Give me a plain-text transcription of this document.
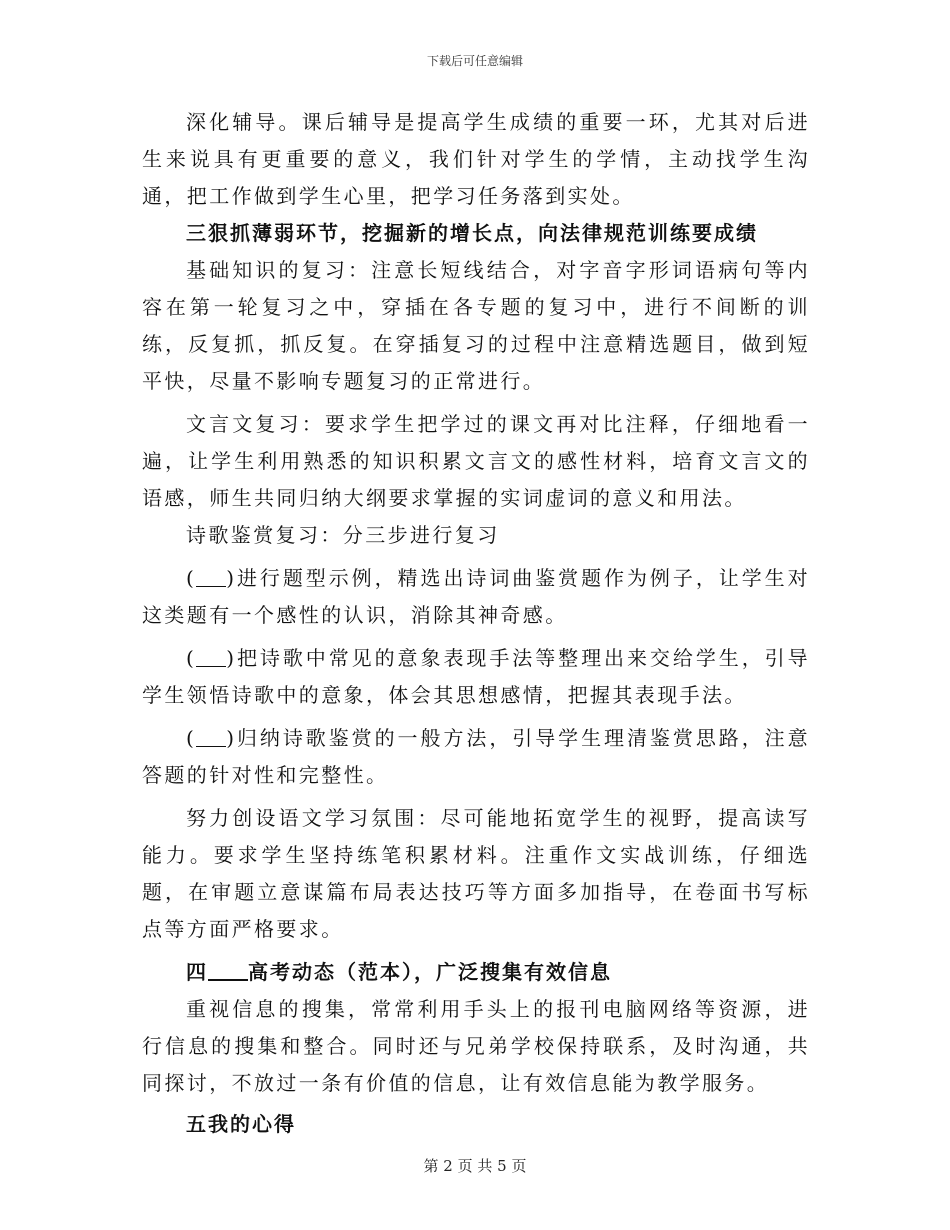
下载后可任意编辑

深化辅导。课后辅导是提高学生成绩的重要一环，尤其对后进生来说具有更重要的意义，我们针对学生的学情，主动找学生沟通，把工作做到学生心里，把学习任务落到实处。

三狠抓薄弱环节，挖掘新的增长点，向法律规范训练要成绩

基础知识的复习：注意长短线结合，对字音字形词语病句等内容在第一轮复习之中，穿插在各专题的复习中，进行不间断的训练，反复抓，抓反复。在穿插复习的过程中注意精选题目，做到短平快，尽量不影响专题复习的正常进行。

文言文复习：要求学生把学过的课文再对比注释，仔细地看一遍，让学生利用熟悉的知识积累文言文的感性材料，培育文言文的语感，师生共同归纳大纲要求掌握的实词虚词的意义和用法。

诗歌鉴赏复习：分三步进行复习

( )进行题型示例，精选出诗词曲鉴赏题作为例子，让学生对这类题有一个感性的认识，消除其神奇感。

( )把诗歌中常见的意象表现手法等整理出来交给学生，引导学生领悟诗歌中的意象，体会其思想感情，把握其表现手法。

( )归纳诗歌鉴赏的一般方法，引导学生理清鉴赏思路，注意答题的针对性和完整性。

努力创设语文学习氛围：尽可能地拓宽学生的视野，提高读写能力。要求学生坚持练笔积累材料。注重作文实战训练，仔细选题，在审题立意谋篇布局表达技巧等方面多加指导，在卷面书写标点等方面严格要求。

四 高考动态（范本），广泛搜集有效信息

重视信息的搜集，常常利用手头上的报刊电脑网络等资源，进行信息的搜集和整合。同时还与兄弟学校保持联系，及时沟通，共同探讨，不放过一条有价值的信息，让有效信息能为教学服务。

五我的心得

第 2 页 共 5 页
